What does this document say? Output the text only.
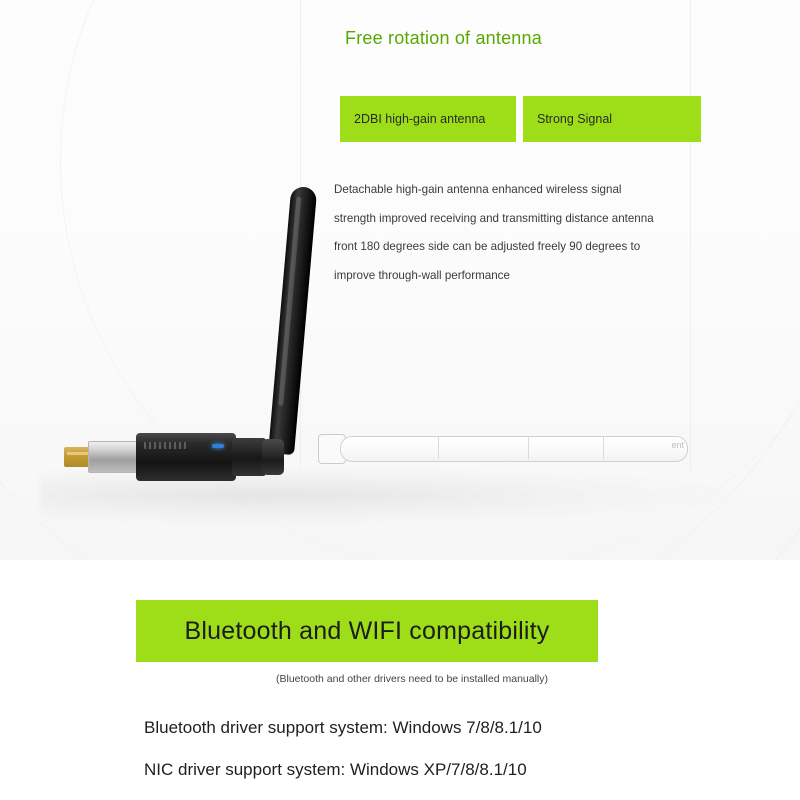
Free rotation of antenna
2DBI high-gain antenna	Strong Signal
Detachable high-gain antenna enhanced wireless signal strength improved receiving and transmitting distance antenna front 180 degrees side can be adjusted freely 90 degrees to improve through-wall performance
ent
Bluetooth and WIFI compatibility
(Bluetooth and other drivers need to be installed manually)
Bluetooth driver support system: Windows 7/8/8.1/10
NIC driver support system: Windows XP/7/8/8.1/10
